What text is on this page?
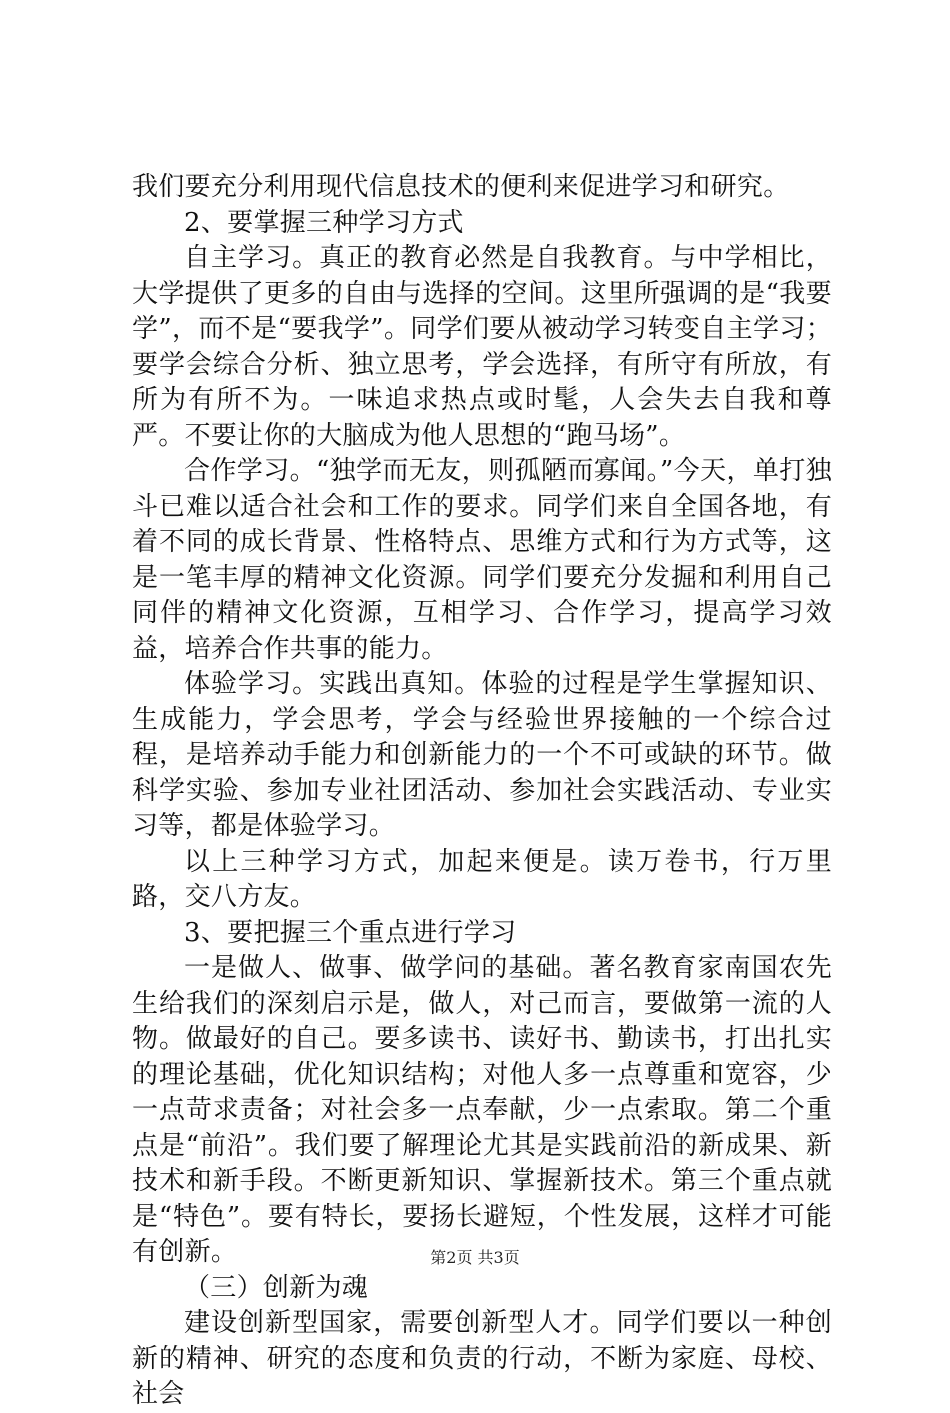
我们要充分利用现代信息技术的便利来促进学习和研究。

2、要掌握三种学习方式

自主学习。真正的教育必然是自我教育。与中学相比，大学提供了更多的自由与选择的空间。这里所强调的是“我要学”，而不是“要我学”。同学们要从被动学习转变自主学习；要学会综合分析、独立思考，学会选择，有所守有所放，有所为有所不为。一味追求热点或时髦，人会失去自我和尊严。不要让你的大脑成为他人思想的“跑马场”。

合作学习。“独学而无友，则孤陋而寡闻。”今天，单打独斗已难以适合社会和工作的要求。同学们来自全国各地，有着不同的成长背景、性格特点、思维方式和行为方式等，这是一笔丰厚的精神文化资源。同学们要充分发掘和利用自己同伴的精神文化资源，互相学习、合作学习，提高学习效益，培养合作共事的能力。

体验学习。实践出真知。体验的过程是学生掌握知识、生成能力，学会思考，学会与经验世界接触的一个综合过程，是培养动手能力和创新能力的一个不可或缺的环节。做科学实验、参加专业社团活动、参加社会实践活动、专业实习等，都是体验学习。

以上三种学习方式，加起来便是。读万卷书，行万里路，交八方友。

3、要把握三个重点进行学习

一是做人、做事、做学问的基础。著名教育家南国农先生给我们的深刻启示是，做人，对己而言，要做第一流的人物。做最好的自己。要多读书、读好书、勤读书，打出扎实的理论基础，优化知识结构；对他人多一点尊重和宽容，少一点苛求责备；对社会多一点奉献，少一点索取。第二个重点是“前沿”。我们要了解理论尤其是实践前沿的新成果、新技术和新手段。不断更新知识、掌握新技术。第三个重点就是“特色”。要有特长，要扬长避短，个性发展，这样才可能有创新。

（三）创新为魂

建设创新型国家，需要创新型人才。同学们要以一种创新的精神、研究的态度和负责的行动，不断为家庭、母校、社会

第2页 共3页
